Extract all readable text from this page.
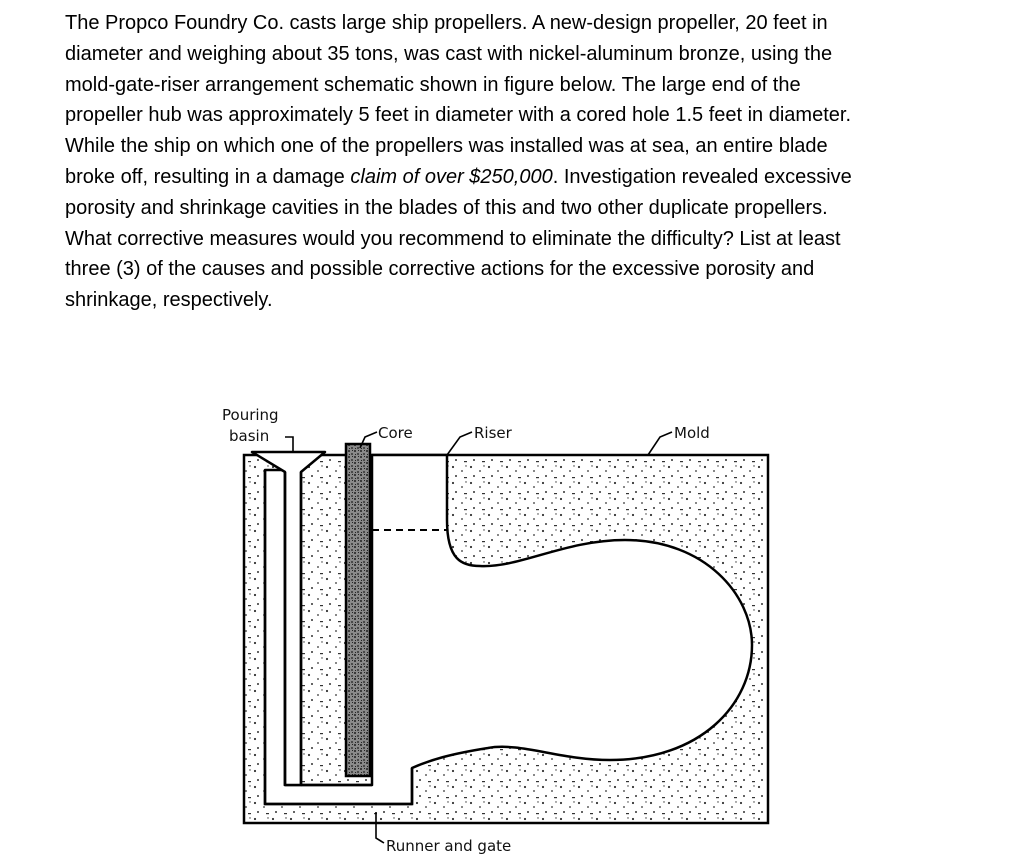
The Propco Foundry Co. casts large ship propellers. A new-design propeller, 20 feet in
diameter and weighing about 35 tons, was cast with nickel-aluminum bronze, using the
mold-gate-riser arrangement schematic shown in figure below. The large end of the
propeller hub was approximately 5 feet in diameter with a cored hole 1.5 feet in diameter.
While the ship on which one of the propellers was installed was at sea, an entire blade
broke off, resulting in a damage claim of over $250,000. Investigation revealed excessive
porosity and shrinkage cavities in the blades of this and two other duplicate propellers.
What corrective measures would you recommend to eliminate the difficulty? List at least
three (3) of the causes and possible corrective actions for the excessive porosity and
shrinkage, respectively.
Pouring
basin	Core	Riser	Mold
Runner and gate
